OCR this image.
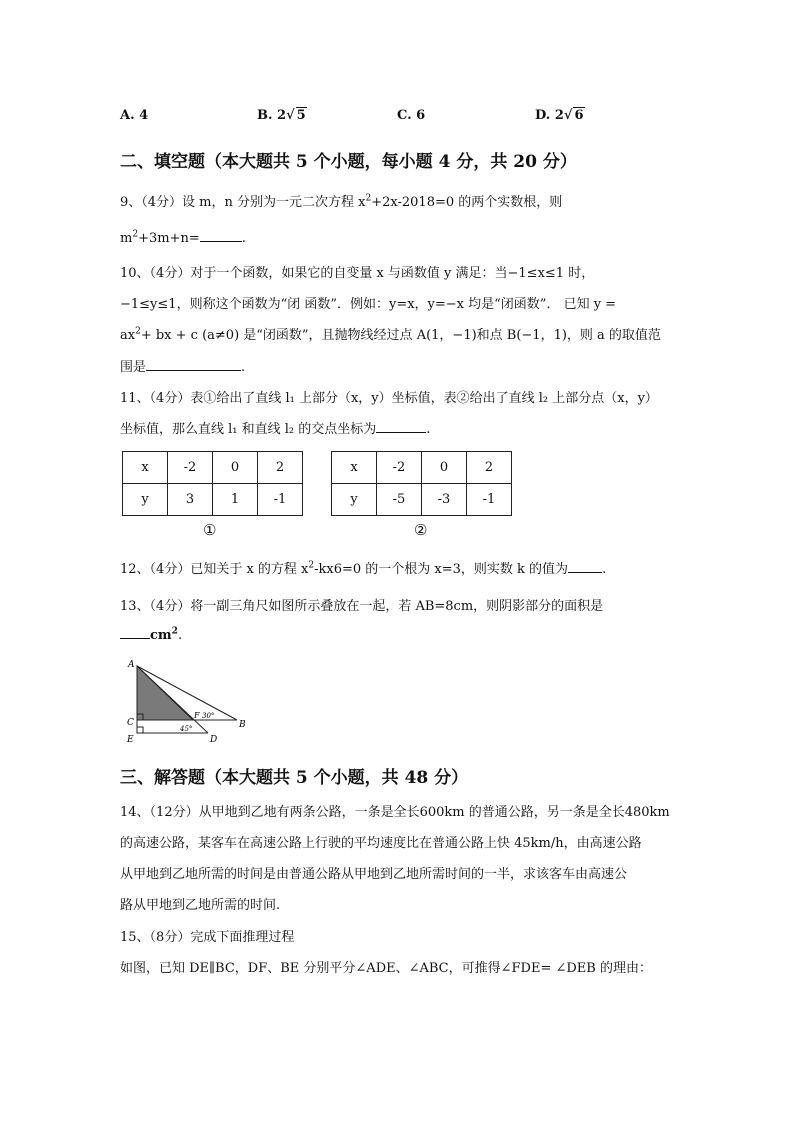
A. 4	B. 2√ 5	C. 6	D. 2√ 6
二、填空题（本大题共 5 个小题，每小题 4 分，共 20 分）
9、（4分）设 m，n 分别为一元二次方程 $x^2+2x-2018=0$ 的两个实数根，则
$m^2+3m+n=$	.
10、（4分）对于一个函数，如果它的自变量 x 与函数值 y 满足：当−1≤x≤1 时，
−1≤y≤1，则称这个函数为“闭 函数”．例如：y=x，y=−x 均是“闭函数”． 已知 y =
$ax^2+$ bx + c (a≠0) 是“闭函数”，且抛物线经过点 A(1，−1)和点 B(−1，1)，则 a 的取值范
围是	.
11、（4分）表①给出了直线 l₁ 上部分（x，y）坐标值，表②给出了直线 l₂ 上部分点（x，y）
坐标值，那么直线 l₁ 和直线 l₂ 的交点坐标为	.
x	-2	0	2
y	3	1	-1
①
x	-2	0	2
y	-5	-3	-1
②
12、（4分）已知关于 x 的方程 $x^2-kx6=0$ 的一个根为 x=3，则实数 k 的值为	.
13、（4分）将一副三角尺如图所示叠放在一起，若 AB=8cm，则阴影部分的面积是
$cm^2$.
A
C
E
B
D
F 30°
45°
三、解答题（本大题共 5 个小题，共 48 分）
14、（12分）从甲地到乙地有两条公路，一条是全长600km 的普通公路，另一条是全长480km
的高速公路，某客车在高速公路上行驶的平均速度比在普通公路上快 45km/h，由高速公路
从甲地到乙地所需的时间是由普通公路从甲地到乙地所需时间的一半，求该客车由高速公
路从甲地到乙地所需的时间.
15、（8分）完成下面推理过程
如图，已知 DE∥BC，DF、BE 分别平分∠ADE、∠ABC，可推得∠FDE= ∠DEB 的理由：
